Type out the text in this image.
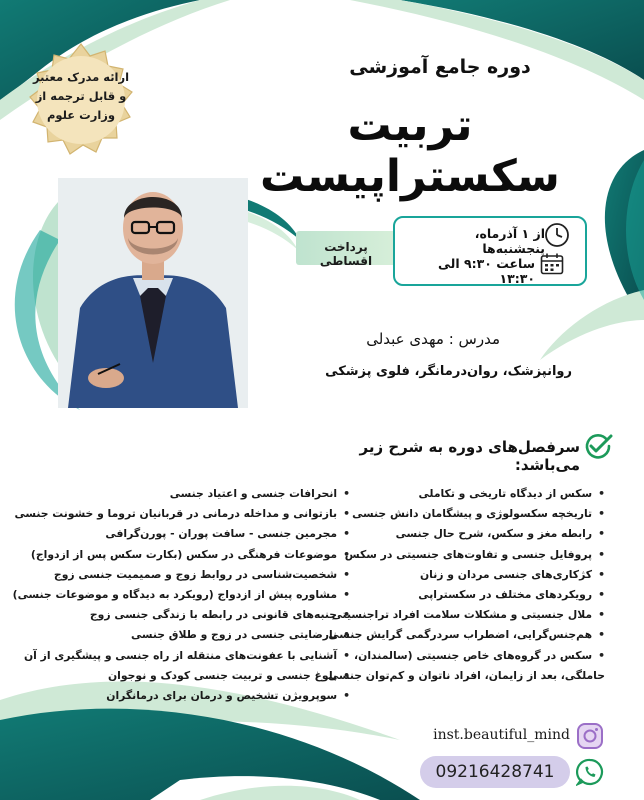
ارائه مدرک معتبر
و قابل ترجمه از
وزارت علوم
دوره جامع آموزشی
تربیت سکستراپیست
پرداخت اقساطی
از ۱ آذرماه، پنجشنبه‌ها
ساعت ۹:۳۰ الی ۱۳:۳۰
مدرس : مهدی عبدلی
روانپزشک، روان‌درمانگر، فلوی پزشکی
سرفصل‌های دوره به شرح زیر می‌باشد:
• سکس از دیدگاه تاریخی و تکاملی
• تاریخچه سکسولوژی و پیشگامان دانش جنسی
• رابطه مغز و سکس، شرح حال جنسی
• پروفایل جنسی و تفاوت‌های جنسیتی در سکس
• کژکاری‌های جنسی مردان و زنان
• رویکردهای مختلف در سکستراپی
• ملال جنسیتی و مشکلات سلامت افراد تراجنسیتی
• هم‌جنس‌گرایی، اضطراب سردرگمی گرایش جنسی
• سکس در گروه‌های خاص جنسیتی (سالمندان،
حاملگی، بعد از زایمان، افراد ناتوان و کم‌توان جنسی
• انحرافات جنسی و اعتیاد جنسی
• بازتوانی و مداخله درمانی در قربانیان تروما و خشونت جنسی
• مجرمین جنسی - سافت پوران - پورن‌گرافی
• موضوعات فرهنگی در سکس (بکارت سکس پس از ازدواج)
• شخصیت‌شناسی در روابط زوج و صمیمیت جنسی زوج
• مشاوره پیش از ازدواج (رویکرد به دیدگاه و موضوعات جنسی)
• جنبه‌های قانونی در رابطه با زندگی جنسی زوج
• نارضایتی جنسی در زوج و طلاق جنسی
• آشنایی با عفونت‌های منتقله از راه جنسی و پیشگیری از آن
• بلوغ جنسی و تربیت جنسی کودک و نوجوان
• سوپرویژن تشخیص و درمان برای درمانگران
inst.beautiful_mind
09216428741
